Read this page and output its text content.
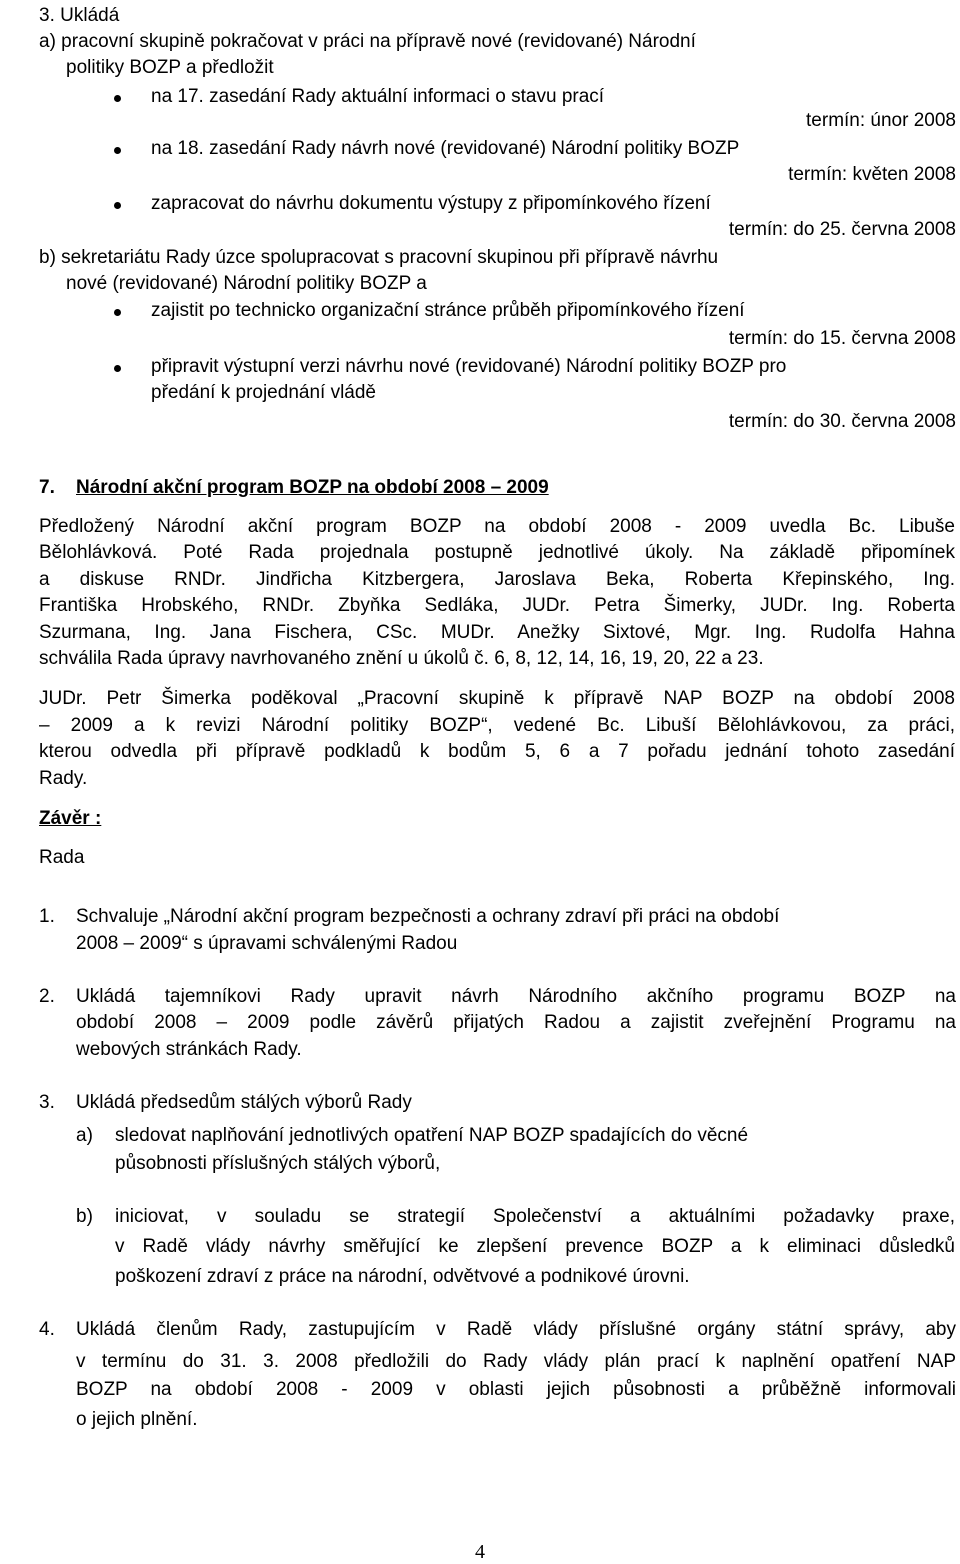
3. Ukládá
a) pracovní skupině pokračovat v práci na přípravě nové (revidované) Národní
politiky BOZP a předložit
na 17. zasedání Rady aktuální informaci o stavu prací
termín: únor 2008
na 18. zasedání Rady návrh nové (revidované) Národní politiky BOZP
termín: květen 2008
zapracovat do návrhu dokumentu výstupy z připomínkového řízení
termín: do 25. června 2008
b) sekretariátu Rady úzce spolupracovat s pracovní skupinou při přípravě návrhu
nové (revidované) Národní politiky BOZP a
zajistit po technicko organizační stránce průběh připomínkového řízení
termín: do 15. června 2008
připravit výstupní verzi návrhu nové (revidované) Národní politiky BOZP pro
předání k projednání vládě
termín: do 30. června 2008
7. Národní akční program BOZP na období 2008 – 2009
Předložený Národní akční program BOZP na období 2008 - 2009 uvedla Bc. Libuše
Bělohlávková. Poté Rada projednala postupně jednotlivé úkoly. Na základě připomínek
a diskuse RNDr. Jindřicha Kitzbergera, Jaroslava Beka, Roberta Křepinského, Ing.
Františka Hrobského, RNDr. Zbyňka Sedláka, JUDr. Petra Šimerky, JUDr. Ing. Roberta
Szurmana, Ing. Jana Fischera, CSc. MUDr. Anežky Sixtové, Mgr. Ing. Rudolfa Hahna
schválila Rada úpravy navrhovaného znění u úkolů č. 6, 8, 12, 14, 16, 19, 20, 22 a 23.
JUDr. Petr Šimerka poděkoval „Pracovní skupině k přípravě NAP BOZP na období 2008
– 2009 a k revizi Národní politiky BOZP“, vedené Bc. Libuší Bělohlávkovou, za práci,
kterou odvedla při přípravě podkladů k bodům 5, 6 a 7 pořadu jednání tohoto zasedání
Rady.
Závěr :
Rada
1. Schvaluje „Národní akční program bezpečnosti a ochrany zdraví při práci na období
2008 – 2009“ s úpravami schválenými Radou
2. Ukládá tajemníkovi Rady upravit návrh Národního akčního programu BOZP na
období 2008 – 2009 podle závěrů přijatých Radou a zajistit zveřejnění Programu na
webových stránkách Rady.
3. Ukládá předsedům stálých výborů Rady
a) sledovat naplňování jednotlivých opatření NAP BOZP spadajících do věcné
působnosti příslušných stálých výborů,
b) iniciovat, v souladu se strategií Společenství a aktuálními požadavky praxe,
v Radě vlády návrhy směřující ke zlepšení prevence BOZP a k eliminaci důsledků
poškození zdraví z práce na národní, odvětvové a podnikové úrovni.
4. Ukládá členům Rady, zastupujícím v Radě vlády příslušné orgány státní správy, aby
v termínu do 31. 3. 2008 předložili do Rady vlády plán prací k naplnění opatření NAP
BOZP na období 2008 - 2009 v oblasti jejich působnosti a průběžně informovali
o jejich plnění.
4
